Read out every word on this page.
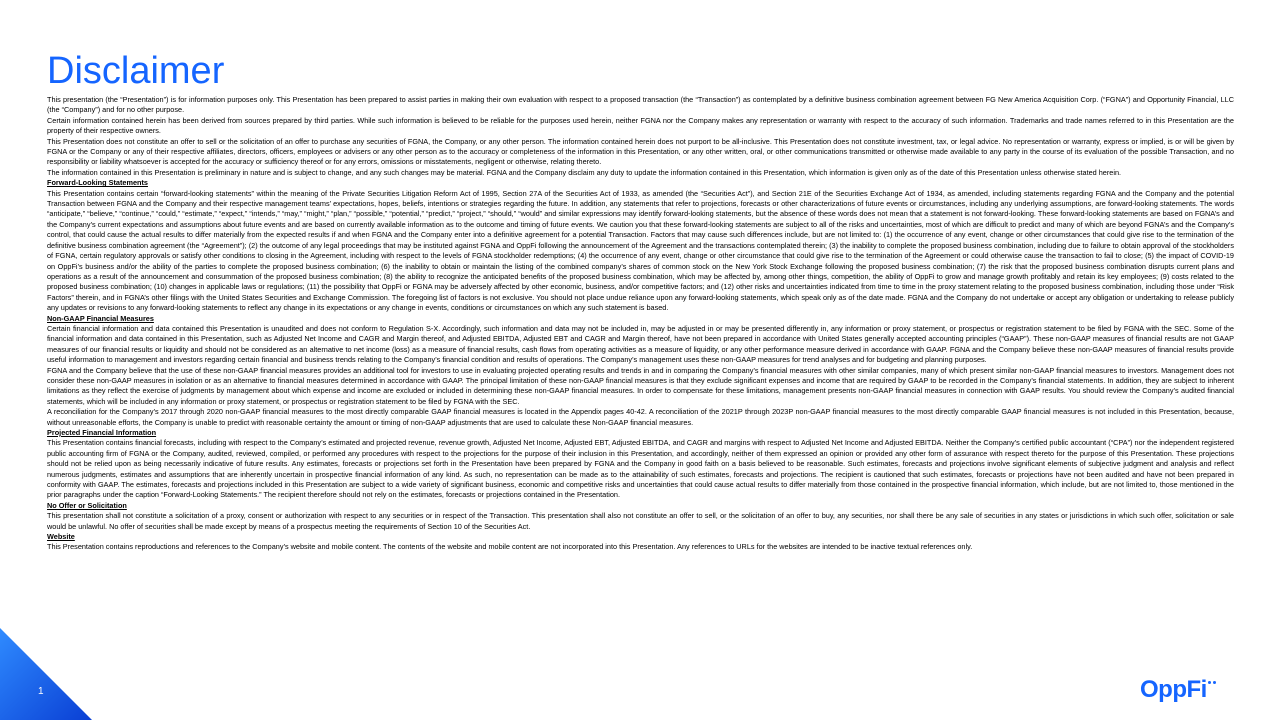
Disclaimer

This presentation (the “Presentation”) is for information purposes only. This Presentation has been prepared to assist parties in making their own evaluation with respect to a proposed transaction (the “Transaction”) as contemplated by a definitive business combination agreement between FG New America Acquisition Corp. (“FGNA”) and Opportunity Financial, LLC (the “Company”) and for no other purpose.

Certain information contained herein has been derived from sources prepared by third parties. While such information is believed to be reliable for the purposes used herein, neither FGNA nor the Company makes any representation or warranty with respect to the accuracy of such information. Trademarks and trade names referred to in this Presentation are the property of their respective owners.

This Presentation does not constitute an offer to sell or the solicitation of an offer to purchase any securities of FGNA, the Company, or any other person. The information contained herein does not purport to be all-inclusive. This Presentation does not constitute investment, tax, or legal advice. No representation or warranty, express or implied, is or will be given by FGNA or the Company or any of their respective affiliates, directors, officers, employees or advisers or any other person as to the accuracy or completeness of the information in this Presentation, or any other written, oral, or other communications transmitted or otherwise made available to any party in the course of its evaluation of the possible Transaction, and no responsibility or liability whatsoever is accepted for the accuracy or sufficiency thereof or for any errors, omissions or misstatements, negligent or otherwise, relating thereto.

The information contained in this Presentation is preliminary in nature and is subject to change, and any such changes may be material. FGNA and the Company disclaim any duty to update the information contained in this Presentation, which information is given only as of the date of this Presentation unless otherwise stated herein.

Forward-Looking Statements

This Presentation contains certain “forward-looking statements” within the meaning of the Private Securities Litigation Reform Act of 1995, Section 27A of the Securities Act of 1933, as amended (the “Securities Act”), and Section 21E of the Securities Exchange Act of 1934, as amended, including statements regarding FGNA and the Company and the potential Transaction between FGNA and the Company and their respective management teams’ expectations, hopes, beliefs, intentions or strategies regarding the future. In addition, any statements that refer to projections, forecasts or other characterizations of future events or circumstances, including any underlying assumptions, are forward-looking statements. The words “anticipate,” “believe,” “continue,” “could,” “estimate,” “expect,” “intends,” “may,” “might,” “plan,” “possible,” “potential,” “predict,” “project,” “should,” “would” and similar expressions may identify forward-looking statements, but the absence of these words does not mean that a statement is not forward-looking. These forward-looking statements are based on FGNA’s and the Company’s current expectations and assumptions about future events and are based on currently available information as to the outcome and timing of future events. We caution you that these forward-looking statements are subject to all of the risks and uncertainties, most of which are difficult to predict and many of which are beyond FGNA’s and the Company’s control, that could cause the actual results to differ materially from the expected results if and when FGNA and the Company enter into a definitive agreement for a potential Transaction. Factors that may cause such differences include, but are not limited to: (1) the occurrence of any event, change or other circumstances that could give rise to the termination of the definitive business combination agreement (the “Agreement”); (2) the outcome of any legal proceedings that may be instituted against FGNA and OppFi following the announcement of the Agreement and the transactions contemplated therein; (3) the inability to complete the proposed business combination, including due to failure to obtain approval of the stockholders of FGNA, certain regulatory approvals or satisfy other conditions to closing in the Agreement, including with respect to the levels of FGNA stockholder redemptions; (4) the occurrence of any event, change or other circumstance that could give rise to the termination of the Agreement or could otherwise cause the transaction to fail to close; (5) the impact of COVID-19 on OppFi’s business and/or the ability of the parties to complete the proposed business combination; (6) the inability to obtain or maintain the listing of the combined company’s shares of common stock on the New York Stock Exchange following the proposed business combination; (7) the risk that the proposed business combination disrupts current plans and operations as a result of the announcement and consummation of the proposed business combination; (8) the ability to recognize the anticipated benefits of the proposed business combination, which may be affected by, among other things, competition, the ability of OppFi to grow and manage growth profitably and retain its key employees; (9) costs related to the proposed business combination; (10) changes in applicable laws or regulations; (11) the possibility that OppFi or FGNA may be adversely affected by other economic, business, and/or competitive factors; and (12) other risks and uncertainties indicated from time to time in the proxy statement relating to the proposed business combination, including those under “Risk Factors” therein, and in FGNA’s other filings with the United States Securities and Exchange Commission. The foregoing list of factors is not exclusive. You should not place undue reliance upon any forward-looking statements, which speak only as of the date made. FGNA and the Company do not undertake or accept any obligation or undertaking to release publicly any updates or revisions to any forward-looking statements to reflect any change in its expectations or any change in events, conditions or circumstances on which any such statement is based.

Non-GAAP Financial Measures

Certain financial information and data contained this Presentation is unaudited and does not conform to Regulation S-X. Accordingly, such information and data may not be included in, may be adjusted in or may be presented differently in, any information or proxy statement, or prospectus or registration statement to be filed by FGNA with the SEC. Some of the financial information and data contained in this Presentation, such as Adjusted Net Income and CAGR and Margin thereof, and Adjusted EBITDA, Adjusted EBT and CAGR and Margin thereof, have not been prepared in accordance with United States generally accepted accounting principles (“GAAP”). These non-GAAP measures of financial results are not GAAP measures of our financial results or liquidity and should not be considered as an alternative to net income (loss) as a measure of financial results, cash flows from operating activities as a measure of liquidity, or any other performance measure derived in accordance with GAAP. FGNA and the Company believe these non-GAAP measures of financial results provide useful information to management and investors regarding certain financial and business trends relating to the Company’s financial condition and results of operations. The Company’s management uses these non-GAAP measures for trend analyses and for budgeting and planning purposes.

FGNA and the Company believe that the use of these non-GAAP financial measures provides an additional tool for investors to use in evaluating projected operating results and trends in and in comparing the Company’s financial measures with other similar companies, many of which present similar non-GAAP financial measures to investors. Management does not consider these non-GAAP measures in isolation or as an alternative to financial measures determined in accordance with GAAP. The principal limitation of these non-GAAP financial measures is that they exclude significant expenses and income that are required by GAAP to be recorded in the Company’s financial statements. In addition, they are subject to inherent limitations as they reflect the exercise of judgments by management about which expense and income are excluded or included in determining these non-GAAP financial measures. In order to compensate for these limitations, management presents non-GAAP financial measures in connection with GAAP results. You should review the Company’s audited financial statements, which will be included in any information or proxy statement, or prospectus or registration statement to be filed by FGNA with the SEC.

A reconciliation for the Company’s 2017 through 2020 non-GAAP financial measures to the most directly comparable GAAP financial measures is located in the Appendix pages 40-42. A reconciliation of the 2021P through 2023P non-GAAP financial measures to the most directly comparable GAAP financial measures is not included in this Presentation, because, without unreasonable efforts, the Company is unable to predict with reasonable certainty the amount or timing of non-GAAP adjustments that are used to calculate these Non-GAAP financial measures.

Projected Financial Information

This Presentation contains financial forecasts, including with respect to the Company’s estimated and projected revenue, revenue growth, Adjusted Net Income, Adjusted EBT, Adjusted EBITDA, and CAGR and margins with respect to Adjusted Net Income and Adjusted EBITDA. Neither the Company’s certified public accountant (“CPA”) nor the independent registered public accounting firm of FGNA or the Company, audited, reviewed, compiled, or performed any procedures with respect to the projections for the purpose of their inclusion in this Presentation, and accordingly, neither of them expressed an opinion or provided any other form of assurance with respect thereto for the purpose of this Presentation. These projections should not be relied upon as being necessarily indicative of future results. Any estimates, forecasts or projections set forth in the Presentation have been prepared by FGNA and the Company in good faith on a basis believed to be reasonable. Such estimates, forecasts and projections involve significant elements of subjective judgment and analysis and reflect numerous judgments, estimates and assumptions that are inherently uncertain in prospective financial information of any kind. As such, no representation can be made as to the attainability of such estimates, forecasts and projections. The recipient is cautioned that such estimates, forecasts or projections have not been audited and have not been prepared in conformity with GAAP. The estimates, forecasts and projections included in this Presentation are subject to a wide variety of significant business, economic and competitive risks and uncertainties that could cause actual results to differ materially from those contained in the prospective financial information, which include, but are not limited to, those mentioned in the prior paragraphs under the caption “Forward-Looking Statements.” The recipient therefore should not rely on the estimates, forecasts or projections contained in the Presentation.

No Offer or Solicitation

This presentation shall not constitute a solicitation of a proxy, consent or authorization with respect to any securities or in respect of the Transaction. This presentation shall also not constitute an offer to sell, or the solicitation of an offer to buy, any securities, nor shall there be any sale of securities in any states or jurisdictions in which such offer, solicitation or sale would be unlawful. No offer of securities shall be made except by means of a prospectus meeting the requirements of Section 10 of the Securities Act.

Website

This Presentation contains reproductions and references to the Company’s website and mobile content. The contents of the website and mobile content are not incorporated into this Presentation. Any references to URLs for the websites are intended to be inactive textual references only.

1	OppFi
